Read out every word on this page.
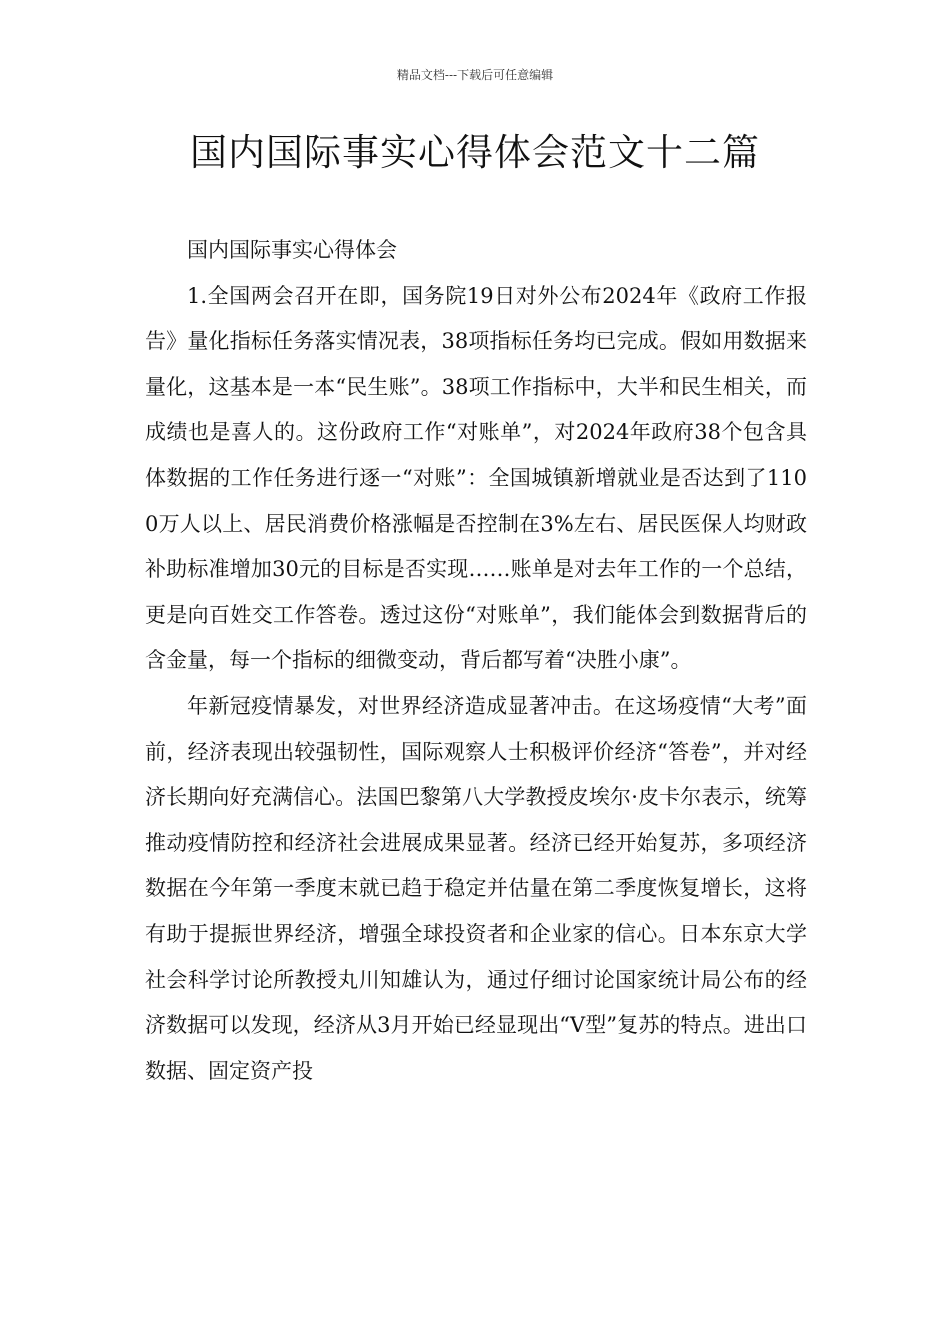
精品文档---下载后可任意编辑
国内国际事实心得体会范文十二篇

国内国际事实心得体会

1.全国两会召开在即，国务院19日对外公布2024年《政府工作报告》量化指标任务落实情况表，38项指标任务均已完成。假如用数据来量化，这基本是一本“民生账”。38项工作指标中，大半和民生相关，而成绩也是喜人的。这份政府工作“对账单”，对2024年政府38个包含具体数据的工作任务进行逐一“对账”：全国城镇新增就业是否达到了1100万人以上、居民消费价格涨幅是否控制在3%左右、居民医保人均财政补助标准增加30元的目标是否实现……账单是对去年工作的一个总结，更是向百姓交工作答卷。透过这份“对账单”，我们能体会到数据背后的含金量，每一个指标的细微变动，背后都写着“决胜小康”。

年新冠疫情暴发，对世界经济造成显著冲击。在这场疫情“大考”面前，经济表现出较强韧性，国际观察人士积极评价经济“答卷”，并对经济长期向好充满信心。法国巴黎第八大学教授皮埃尔·皮卡尔表示，统筹推动疫情防控和经济社会进展成果显著。经济已经开始复苏，多项经济数据在今年第一季度末就已趋于稳定并估量在第二季度恢复增长，这将有助于提振世界经济，增强全球投资者和企业家的信心。日本东京大学社会科学讨论所教授丸川知雄认为，通过仔细讨论国家统计局公布的经济数据可以发现，经济从3月开始已经显现出“V型”复苏的特点。进出口数据、固定资产投
